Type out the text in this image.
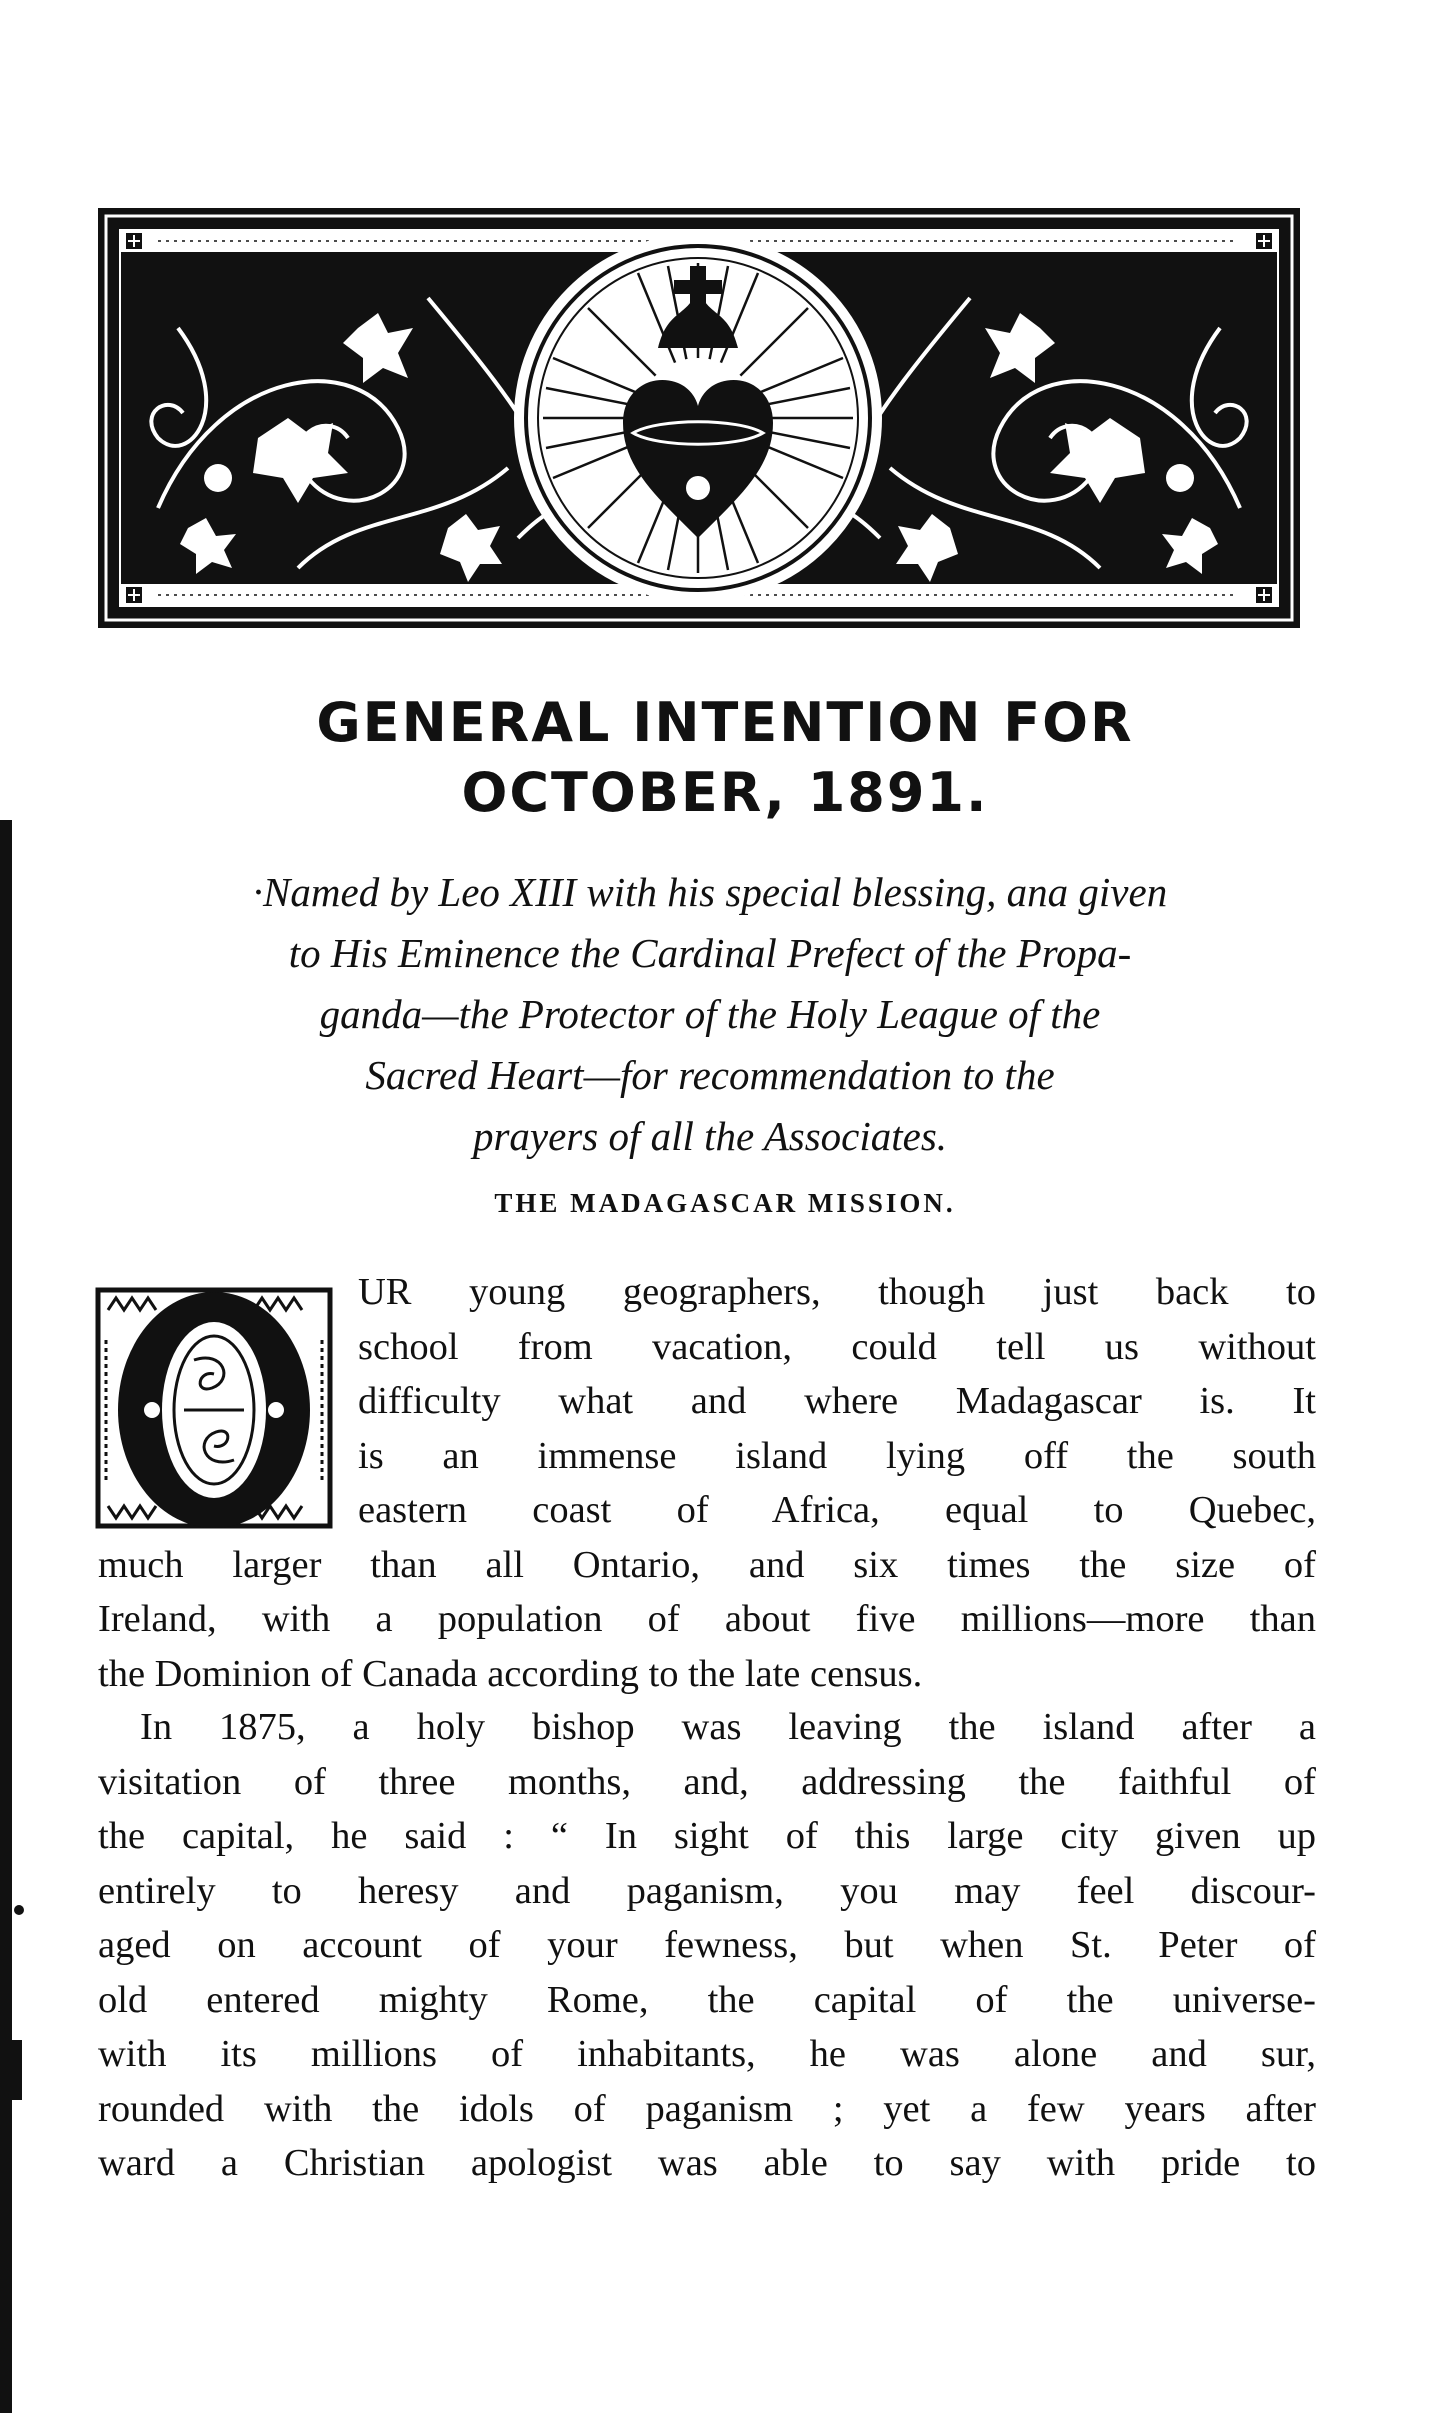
GENERAL INTENTION FOR
OCTOBER, 1891.
·Named by Leo XIII with his special blessing, ana given
to His Eminence the Cardinal Prefect of the Propa-
ganda—the Protector of the Holy League of the
Sacred Heart—for recommendation to the
prayers of all the Associates.
THE MADAGASCAR MISSION.
O
UR young geographers, though just back to
school from vacation, could tell us without
difficulty what and where Madagascar is. It
is an immense island lying off the south
eastern coast of Africa, equal to Quebec,
much larger than all Ontario, and six times the size of
Ireland, with a population of about five millions—more than
the Dominion of Canada according to the late census.
In 1875, a holy bishop was leaving the island after a
visitation of three months, and, addressing the faithful of
the capital, he said : “ In sight of this large city given up
entirely to heresy and paganism, you may feel discour-
aged on account of your fewness, but when St. Peter of
old entered mighty Rome, the capital of the universe-
with its millions of inhabitants, he was alone and sur,
rounded with the idols of paganism ; yet a few years after
ward a Christian apologist was able to say with pride to
